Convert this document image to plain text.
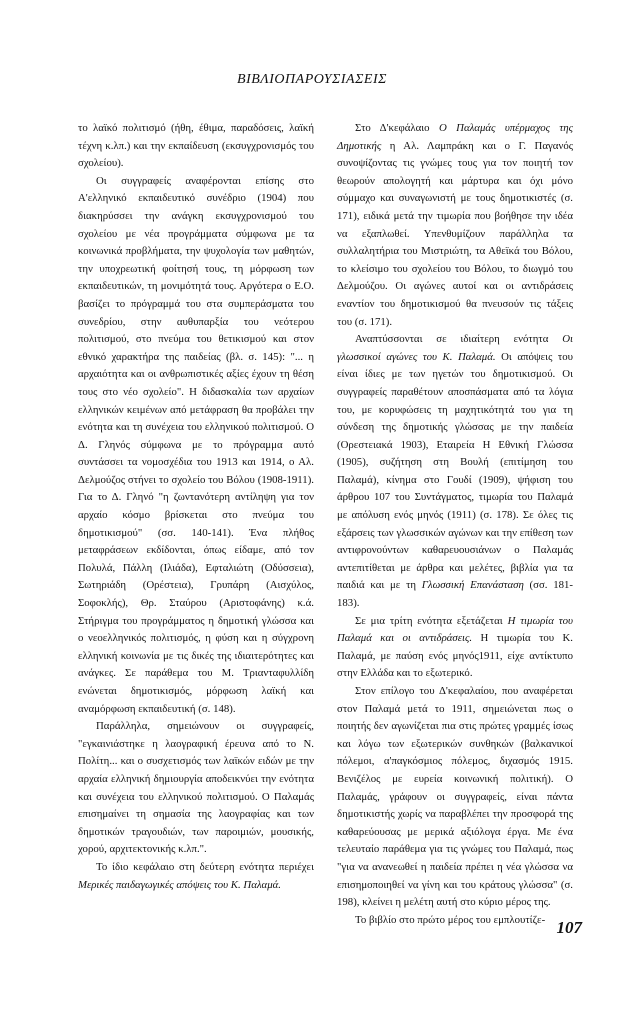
ΒΙΒΛΙΟΠΑΡΟΥΣΙΑΣΕΙΣ

το λαϊκό πολιτισμό (ήθη, έθιμα, παραδόσεις, λαϊκή τέχνη κ.λπ.) και την εκπαίδευση (εκσυγχρονισμός του σχολείου).

Οι συγγραφείς αναφέρονται επίσης στο Α'ελληνικό εκπαιδευτικό συνέδριο (1904) που διακηρύσσει την ανάγκη εκσυγχρονισμού του σχολείου με νέα προγράμματα σύμφωνα με τα κοινωνικά προβλήματα, την ψυχολογία των μαθητών, την υποχρεωτική φοίτησή τους, τη μόρφωση των εκπαιδευτικών, τη μονιμότητά τους. Αργότερα ο Ε.Ο. βασίζει το πρόγραμμά του στα συμπεράσματα του συνεδρίου, στην αυθυπαρξία του νεότερου πολιτισμού, στο πνεύμα του θετικισμού και στον εθνικό χαρακτήρα της παιδείας (βλ. σ. 145): "... η αρχαιότητα και οι ανθρωπιστικές αξίες έχουν τη θέση τους στο νέο σχολείο". Η διδασκαλία των αρχαίων ελληνικών κειμένων από μετάφραση θα προβάλει την ενότητα και τη συνέχεια του ελληνικού πολιτισμού. Ο Δ. Γληνός σύμφωνα με το πρόγραμμα αυτό συντάσσει τα νομοσχέδια του 1913 και 1914, ο Αλ. Δελμούζος στήνει το σχολείο του Βόλου (1908-1911). Για το Δ. Γληνό "η ζωντανότερη αντίληψη για τον αρχαίο κόσμο βρίσκεται στο πνεύμα του δημοτικισμού" (σσ. 140-141). Ένα πλήθος μεταφράσεων εκδίδονται, όπως είδαμε, από τον Πολυλά, Πάλλη (Ιλιάδα), Εφταλιώτη (Οδύσσεια), Σωτηριάδη (Ορέστεια), Γρυπάρη (Αισχύλος, Σοφοκλής), Θρ. Σταύρου (Αριστοφάνης) κ.ά. Στήριγμα του προγράμματος η δημοτική γλώσσα και ο νεοελληνικός πολιτισμός, η φύση και η σύγχρονη ελληνική κοινωνία με τις δικές της ιδιαιτερότητες και ανάγκες. Σε παράθεμα του Μ. Τριανταφυλλίδη ενώνεται δημοτικισμός, μόρφωση λαϊκή και αναμόρφωση εκπαιδευτική (σ. 148).

Παράλληλα, σημειώνουν οι συγγραφείς, "εγκαινιάστηκε η λαογραφική έρευνα από το Ν. Πολίτη... και ο συσχετισμός των λαϊκών ειδών με την αρχαία ελληνική δημιουργία αποδεικνύει την ενότητα και συνέχεια του ελληνικού πολιτισμού. Ο Παλαμάς επισημαίνει τη σημασία της λαογραφίας και των δημοτικών τραγουδιών, των παροιμιών, μουσικής, χορού, αρχιτεκτονικής κ.λπ.".

Το ίδιο κεφάλαιο στη δεύτερη ενότητα περιέχει Μερικές παιδαγωγικές απόψεις του Κ. Παλαμά.

Στο Δ'κεφάλαιο Ο Παλαμάς υπέρμαχος της Δημοτικής η Αλ. Λαμπράκη και ο Γ. Παγανός συνοψίζοντας τις γνώμες τους για τον ποιητή τον θεωρούν απολογητή και μάρτυρα και όχι μόνο σύμμαχο και συναγωνιστή με τους δημοτικιστές (σ. 171), ειδικά μετά την τιμωρία που βοήθησε την ιδέα να εξαπλωθεί. Υπενθυμίζουν παράλληλα τα συλλαλητήρια του Μιστριώτη, τα Αθεϊκά του Βόλου, το κλείσιμο του σχολείου του Βόλου, το διωγμό του Δελμούζου. Οι αγώνες αυτοί και οι αντιδράσεις εναντίον του δημοτικισμού θα πνευσούν τις τάξεις του (σ. 171).

Αναπτύσσονται σε ιδιαίτερη ενότητα Οι γλωσσικοί αγώνες του Κ. Παλαμά. Οι απόψεις του είναι ίδιες με των ηγετών του δημοτικισμού. Οι συγγραφείς παραθέτουν αποσπάσματα από τα λόγια του, με κορυφώσεις τη μαχητικότητά του για τη σύνδεση της δημοτικής γλώσσας με την παιδεία (Ορεστειακά 1903), Εταιρεία Η Εθνική Γλώσσα (1905), συζήτηση στη Βουλή (επιτίμηση του Παλαμά), κίνημα στο Γουδί (1909), ψήφιση του άρθρου 107 του Συντάγματος, τιμωρία του Παλαμά με απόλυση ενός μηνός (1911) (σ. 178). Σε όλες τις εξάρσεις των γλωσσικών αγώνων και την επίθεση των αντιφρονούντων καθαρευουσιάνων ο Παλαμάς αντεπιτίθεται με άρθρα και μελέτες, βιβλία για τα παιδιά και με τη Γλωσσική Επανάσταση (σσ. 181-183).

Σε μια τρίτη ενότητα εξετάζεται Η τιμωρία του Παλαμά και οι αντιδράσεις. Η τιμωρία του Κ. Παλαμά, με παύση ενός μηνός1911, είχε αντίκτυπο στην Ελλάδα και το εξωτερικό.

Στον επίλογο του Δ'κεφαλαίου, που αναφέρεται στον Παλαμά μετά το 1911, σημειώνεται πως ο ποιητής δεν αγωνίζεται πια στις πρώτες γραμμές ίσως και λόγω των εξωτερικών συνθηκών (βαλκανικοί πόλεμοι, α'παγκόσμιος πόλεμος, διχασμός 1915. Βενιζέλος με ευρεία κοινωνική πολιτική). Ο Παλαμάς, γράφουν οι συγγραφείς, είναι πάντα δημοτικιστής χωρίς να παραβλέπει την προσφορά της καθαρεύουσας με μερικά αξιόλογα έργα. Με ένα τελευταίο παράθεμα για τις γνώμες του Παλαμά, πως "για να ανανεωθεί η παιδεία πρέπει η νέα γλώσσα να επισημοποιηθεί να γίνη και του κράτους γλώσσα" (σ. 198), κλείνει η μελέτη αυτή στο κύριο μέρος της.

Το βιβλίο στο πρώτο μέρος του εμπλουτίζε- 107
